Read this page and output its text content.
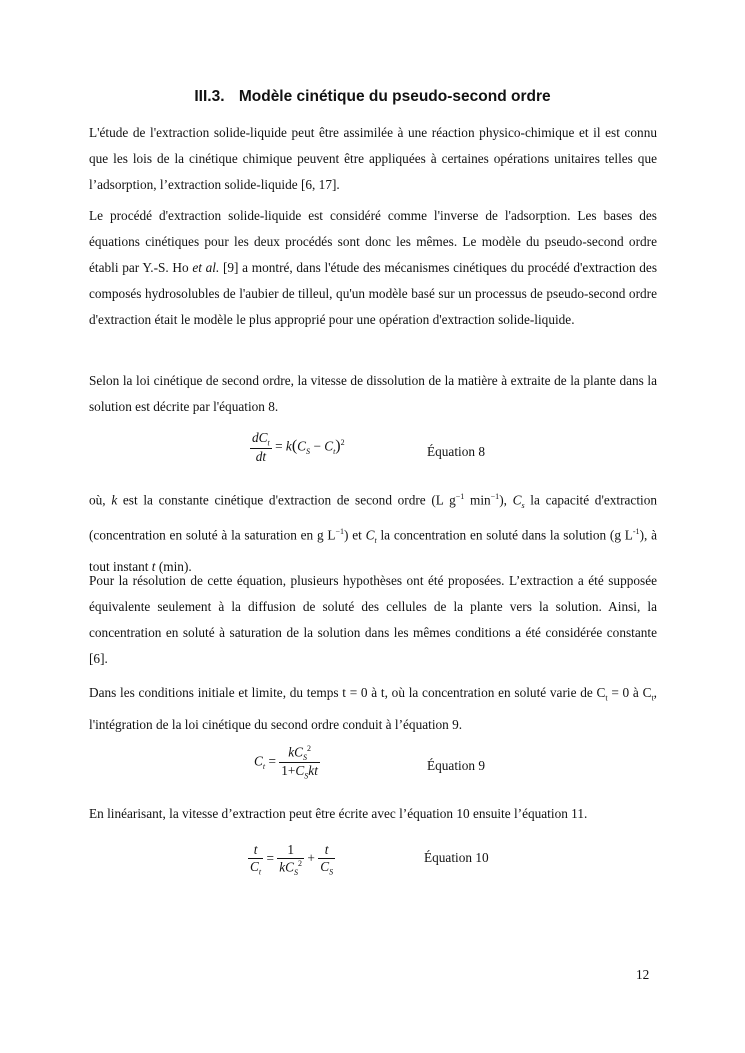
III.3. Modèle cinétique du pseudo-second ordre

L'étude de l'extraction solide-liquide peut être assimilée à une réaction physico-chimique et il est connu que les lois de la cinétique chimique peuvent être appliquées à certaines opérations unitaires telles que l’adsorption, l’extraction solide-liquide [6, 17].

Le procédé d'extraction solide-liquide est considéré comme l'inverse de l'adsorption. Les bases des équations cinétiques pour les deux procédés sont donc les mêmes. Le modèle du pseudo-second ordre établi par Y.-S. Ho et al. [9] a montré, dans l'étude des mécanismes cinétiques du procédé d'extraction des composés hydrosolubles de l'aubier de tilleul, qu'un modèle basé sur un processus de pseudo-second ordre d'extraction était le modèle le plus approprié pour une opération d'extraction solide-liquide.

Selon la loi cinétique de second ordre, la vitesse de dissolution de la matière à extraite de la plante dans la solution est décrite par l'équation 8.

$\frac{dC_t}{dt} = k(C_S - C_t)^2$
Équation 8

où, k est la constante cinétique d'extraction de second ordre (L $g^{-1}$ $\min^{-1}$), $C_s$ la capacité d'extraction (concentration en soluté à la saturation en g $L^{-1}$) et $C_t$ la concentration en soluté dans la solution (g $L^{-1}$), à tout instant t (min).

Pour la résolution de cette équation, plusieurs hypothèses ont été proposées. L’extraction a été supposée équivalente seulement à la diffusion de soluté des cellules de la plante vers la solution. Ainsi, la concentration en soluté à saturation de la solution dans les mêmes conditions a été considérée constante [6].

Dans les conditions initiale et limite, du temps t = 0 à t, où la concentration en soluté varie de $C_t = 0$ à $C_t$, l'intégration de la loi cinétique du second ordre conduit à l’équation 9.

$C_t = \frac{kC_S^2}{1+C_Skt}$	Équation 9

En linéarisant, la vitesse d’extraction peut être écrite avec l’équation 10 ensuite l’équation 11.

$\frac{t}{C_t} = \frac{1}{kC_S^2} + \frac{t}{C_S}$	Équation 10
12
